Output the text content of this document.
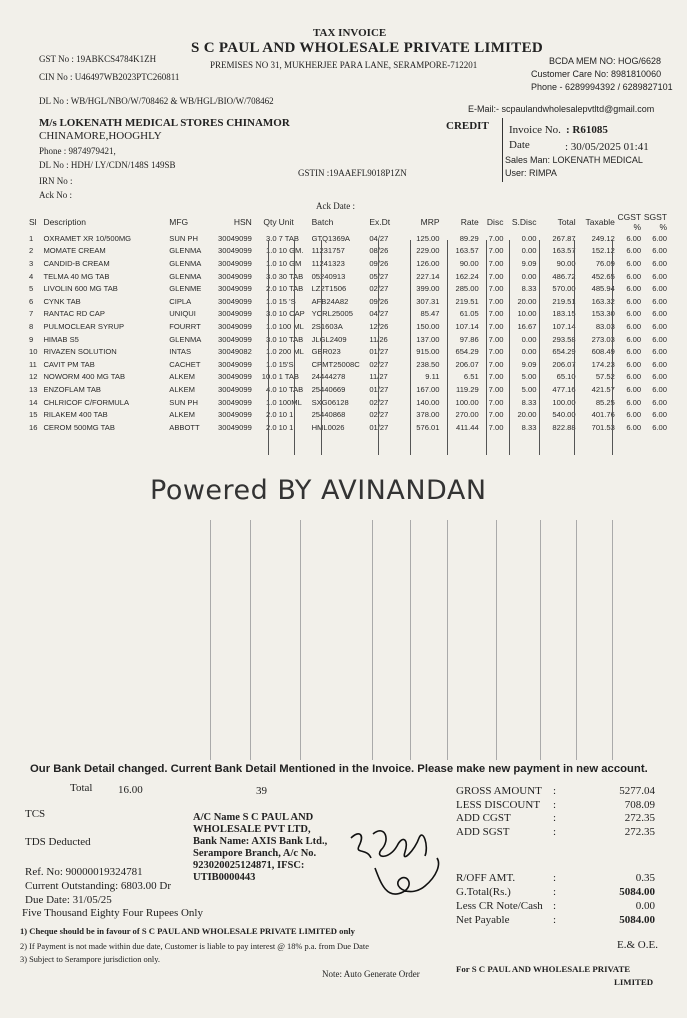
TAX INVOICE
S C PAUL AND WHOLESALE PRIVATE LIMITED
PREMISES NO 31, MUKHERJEE PARA LANE, SERAMPORE-712201
GST No : 19ABKCS4784K1ZH
CIN No : U46497WB2023PTC260811
DL No : WB/HGL/NBO/W/708462 & WB/HGL/BIO/W/708462
BCDA MEM NO: HOG/6628
Customer Care No: 8981810060
Phone - 6289994392 / 6289827101
E-Mail:- scpaulandwholesalepvtltd@gmail.com
M/s LOKENATH MEDICAL STORES CHINAMOR
CHINAMORE,HOOGHLY
Phone : 9874979421,
DL No : HDH/ LY/CDN/148S 149SB
GSTIN :19AAEFL9018P1ZN
IRN No :
Ack No :
Ack Date :
CREDIT Invoice No. : R61085
Date	: 30/05/2025 01:41
Sales Man: LOKENATH MEDICAL
User: RIMPA
Sl	Description	MFG	HSN	Qty	Unit	Batch	Ex.Dt	MRP	Rate	Disc	S.Disc	Total	Taxable	CGST %	SGST %
1	OXRAMET XR 10/500MG	SUN PH	30049099	3.0	7 TAB	GTQ1369A	04/27	125.00	89.29	7.00	0.00	267.87	249.12	6.00	6.00
2	MOMATE CREAM	GLENMA	30049099	1.0	10 GM.	11231757	08/26	229.00	163.57	7.00	0.00	163.57	152.12	6.00	6.00
3	CANDID-B CREAM	GLENMA	30049099	1.0	10 GM	11241323	09/26	126.00	90.00	7.00	9.09	90.00	76.09	6.00	6.00
4	TELMA 40 MG TAB	GLENMA	30049099	3.0	30 TAB	05240913	05/27	227.14	162.24	7.00	0.00	486.72	452.65	6.00	6.00
5	LIVOLIN 600 MG TAB	GLENME	30049099	2.0	10 TAB	LZ2T1506	02/27	399.00	285.00	7.00	8.33	570.00	485.94	6.00	6.00
6	CYNK TAB	CIPLA	30049099	1.0	15 'S	AFB24A82	09/26	307.31	219.51	7.00	20.00	219.51	163.32	6.00	6.00
7	RANTAC RD CAP	UNIQUI	30049099	3.0	10 CAP	YCRL25005	04/27	85.47	61.05	7.00	10.00	183.15	153.30	6.00	6.00
8	PULMOCLEAR SYRUP	FOURRT	30049099	1.0	100 ML	2S1603A	12/26	150.00	107.14	7.00	16.67	107.14	83.03	6.00	6.00
9	HIMAB S5	GLENMA	30049099	3.0	10 TAB	JLGL2409	11/26	137.00	97.86	7.00	0.00	293.58	273.03	6.00	6.00
10	RIVAZEN SOLUTION	INTAS	30049082	1.0	200 ML	GBR023	01/27	915.00	654.29	7.00	0.00	654.29	608.49	6.00	6.00
11	CAVIT PM TAB	CACHET	30049099	1.0	15'S	CPMT25008C	02/27	238.50	206.07	7.00	9.09	206.07	174.23	6.00	6.00
12	NOWORM 400 MG TAB	ALKEM	30049099	10.0	1 TAB	24444278	11/27	9.11	6.51	7.00	5.00	65.10	57.52	6.00	6.00
13	ENZOFLAM TAB	ALKEM	30049099	4.0	10 TAB	25440669	01/27	167.00	119.29	7.00	5.00	477.16	421.57	6.00	6.00
14	CHLRICOF C/FORMULA	SUN PH	30049099	1.0	100ML	SXG06128	02/27	140.00	100.00	7.00	8.33	100.00	85.25	6.00	6.00
15	RILAKEM 400 TAB	ALKEM	30049099	2.0	10 1	25440868	02/27	378.00	270.00	7.00	20.00	540.00	401.76	6.00	6.00
16	CEROM 500MG TAB	ABBOTT	30049099	2.0	10 1	HML0026	01/27	576.01	411.44	7.00	8.33	822.88	701.53	6.00	6.00
Powered BY AVINANDAN
Our Bank Detail changed. Current Bank Detail Mentioned in the Invoice. Please make new payment in new account.
Total 16.00	39
TCS
TDS Deducted
A/C Name S C PAUL AND
WHOLESALE PVT LTD,
Bank Name: AXIS Bank Ltd.,
Serampore Branch, A/c No.
923020025124871, IFSC:
UTIB0000443
Ref. No: 90000019324781
Current Outstanding: 6803.00 Dr
Due Date: 31/05/25
Five Thousand Eighty Four Rupees Only
1) Cheque should be in favour of S C PAUL AND WHOLESALE PRIVATE LIMITED only
2) If Payment is not made within due date, Customer is liable to pay interest @ 18% p.a. from Due Date
3) Subject to Serampore jurisdiction only.
Note: Auto Generate Order
GROSS AMOUNT :	5277.04
LESS DISCOUNT :	708.09
ADD CGST	:	272.35
ADD SGST	:	272.35
R/OFF AMT.	:	0.35
G.Total(Rs.)	:	5084.00
Less CR Note/Cash :	0.00
Net Payable	:	5084.00
E.& O.E.
For S C PAUL AND WHOLESALE PRIVATE
LIMITED
